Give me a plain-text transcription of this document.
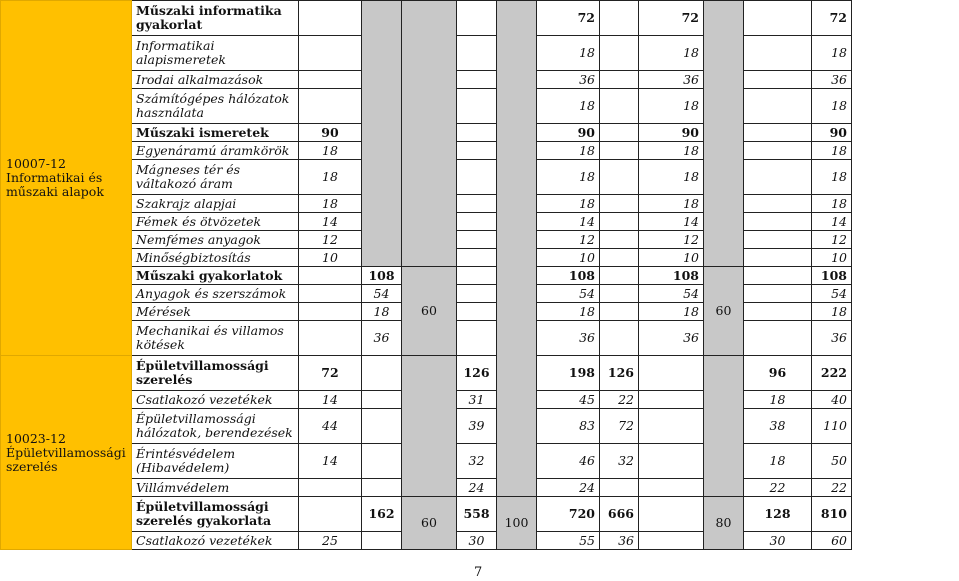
10007-12 Informatikai és műszaki alapok	Műszaki informatika gyakorlat						72		72			72
	Informatikai alapismeretek						18		18			18
	Irodai alkalmazások						36		36			36
	Számítógépes hálózatok használata						18		18			18
	Műszaki ismeretek	90					90		90			90
	Egyenáramú áramkörök	18					18		18			18
	Mágneses tér és váltakozó áram	18					18		18			18
	Szakrajz alapjai	18					18		18			18
	Fémek és ötvözetek	14					14		14			14
	Nemfémes anyagok	12					12		12			12
	Minőségbiztosítás	10					10		10			10
	Műszaki gyakorlatok		108	60			108		108	60		108
	Anyagok és szerszámok		54				54		54			54
	Mérések		18				18		18			18
	Mechanikai és villamos kötések		36				36		36			36
10023-12 Épületvillamossági szerelés	Épületvillamossági szerelés	72			126		198	126			96	222
	Csatlakozó vezetékek	14			31		45	22			18	40
	Épületvillamossági hálózatok, berendezések	44			39		83	72			38	110
	Érintésvédelem (Hibavédelem)	14			32		46	32			18	50
	Villámvédelem				24		24				22	22
	Épületvillamossági szerelés gyakorlata		162	60	558	100	720	666		80	128	810
	Csatlakozó vezetékek	25			30		55	36			30	60
7
